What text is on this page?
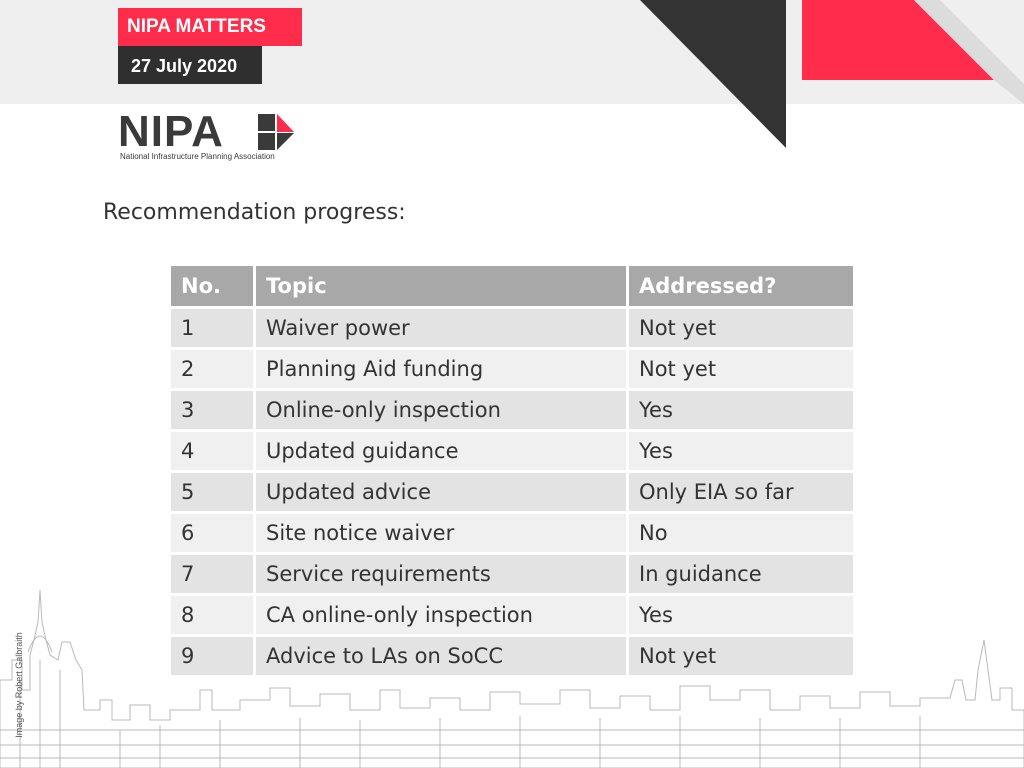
NIPA MATTERS
27 July 2020
NIPA
National Infrastructure Planning Association
Recommendation progress:
No.	Topic	Addressed?
1	Waiver power	Not yet
2	Planning Aid funding	Not yet
3	Online-only inspection	Yes
4	Updated guidance	Yes
5	Updated advice	Only EIA so far
6	Site notice waiver	No
7	Service requirements	In guidance
8	CA online-only inspection	Yes
9	Advice to LAs on SoCC	Not yet
Image by Robert Galbraith
